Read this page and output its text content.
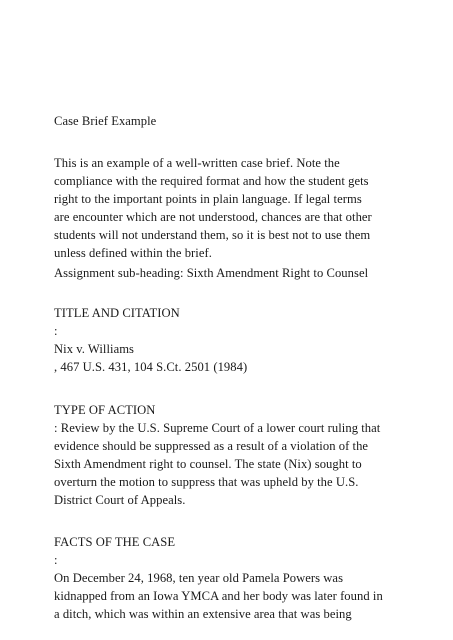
Case Brief Example

This is an example of a well-written case brief. Note the

compliance with the required format and how the student gets

right to the important points in plain language. If legal terms

are encounter which are not understood, chances are that other

students will not understand them, so it is best not to use them

unless defined within the brief.

Assignment sub-heading: Sixth Amendment Right to Counsel

TITLE AND CITATION

:

Nix v. Williams

, 467 U.S. 431, 104 S.Ct. 2501 (1984)

TYPE OF ACTION

: Review by the U.S. Supreme Court of a lower court ruling that

evidence should be suppressed as a result of a violation of the

Sixth Amendment right to counsel. The state (Nix) sought to

overturn the motion to suppress that was upheld by the U.S.

District Court of Appeals.

FACTS OF THE CASE

:

On December 24, 1968, ten year old Pamela Powers was

kidnapped from an Iowa YMCA and her body was later found in

a ditch, which was within an extensive area that was being
